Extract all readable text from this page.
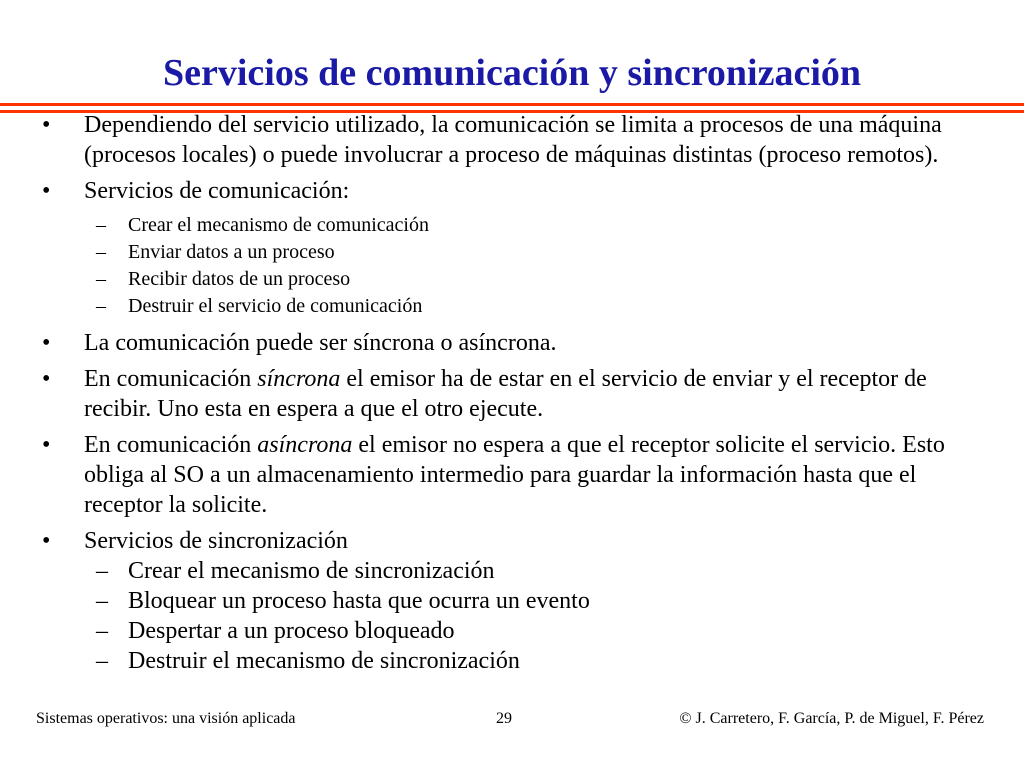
Servicios de comunicación y sincronización
• Dependiendo del servicio utilizado, la comunicación se limita a procesos de una máquina (procesos locales) o puede involucrar a proceso de máquinas distintas (proceso remotos).
• Servicios de comunicación:
– Crear el mecanismo de comunicación
– Enviar datos a un proceso
– Recibir datos de un proceso
– Destruir el servicio de comunicación
• La comunicación puede ser síncrona o asíncrona.
• En comunicación síncrona el emisor ha de estar en el servicio de enviar y el receptor de recibir. Uno esta en espera a que el otro ejecute.
• En comunicación asíncrona el emisor no espera a que el receptor solicite el servicio. Esto obliga al SO a un almacenamiento intermedio para guardar la información hasta que el receptor la solicite.
• Servicios de sincronización
– Crear el mecanismo de sincronización
– Bloquear un proceso hasta que ocurra un evento
– Despertar a un proceso bloqueado
– Destruir el mecanismo de sincronización
Sistemas operativos: una visión aplicada	29	© J. Carretero, F. García, P. de Miguel, F. Pérez
